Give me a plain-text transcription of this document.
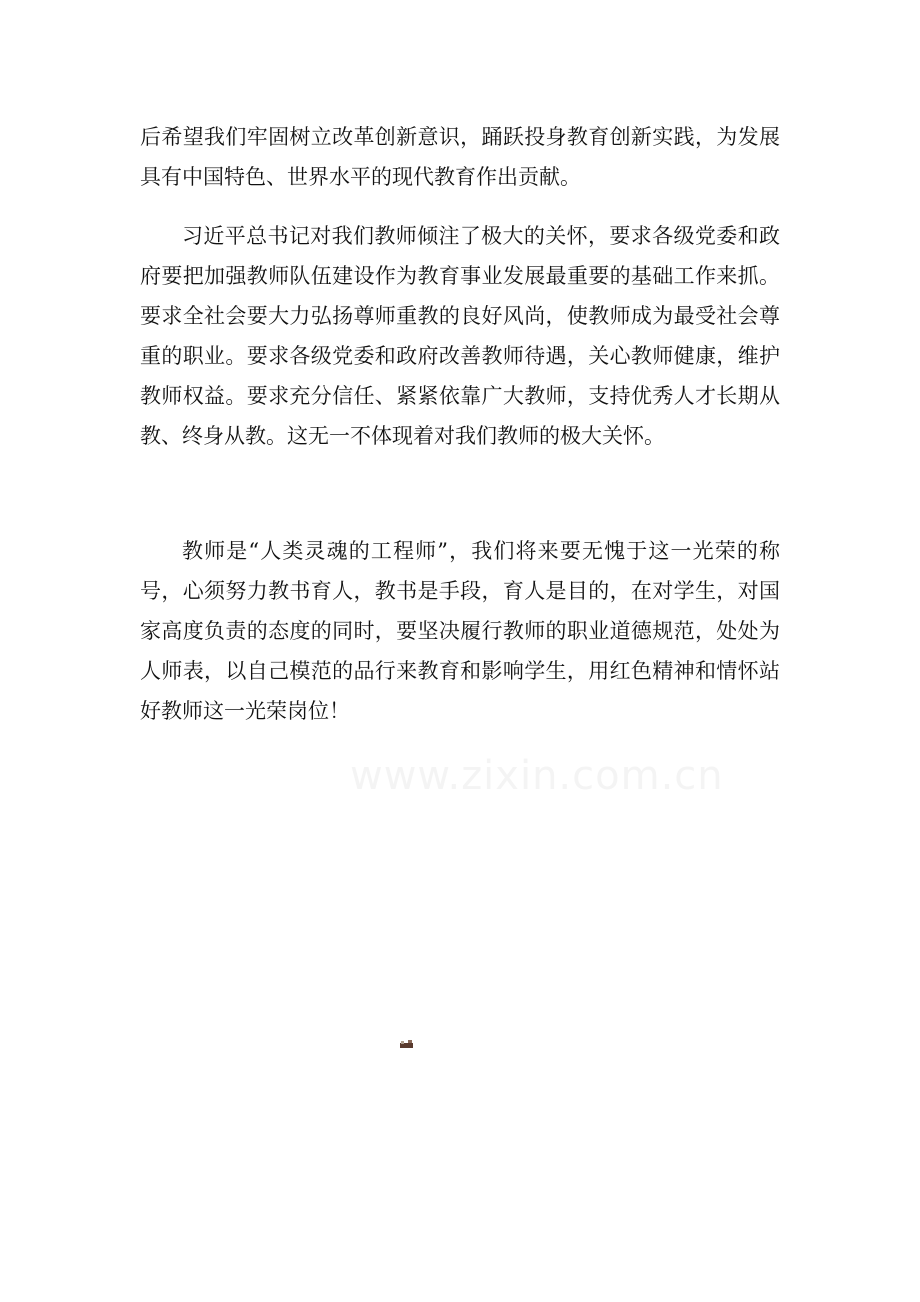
后希望我们牢固树立改革创新意识，踊跃投身教育创新实践，为发展
具有中国特色、世界水平的现代教育作出贡献。
习近平总书记对我们教师倾注了极大的关怀，要求各级党委和政
府要把加强教师队伍建设作为教育事业发展最重要的基础工作来抓。
要求全社会要大力弘扬尊师重教的良好风尚，使教师成为最受社会尊
重的职业。要求各级党委和政府改善教师待遇，关心教师健康，维护
教师权益。要求充分信任、紧紧依靠广大教师，支持优秀人才长期从
教、终身从教。这无一不体现着对我们教师的极大关怀。
教师是“人类灵魂的工程师”，我们将来要无愧于这一光荣的称
号，心须努力教书育人，教书是手段，育人是目的，在对学生，对国
家高度负责的态度的同时，要坚决履行教师的职业道德规范，处处为
人师表，以自己模范的品行来教育和影响学生，用红色精神和情怀站
好教师这一光荣岗位！
www.zixin.com.cn
